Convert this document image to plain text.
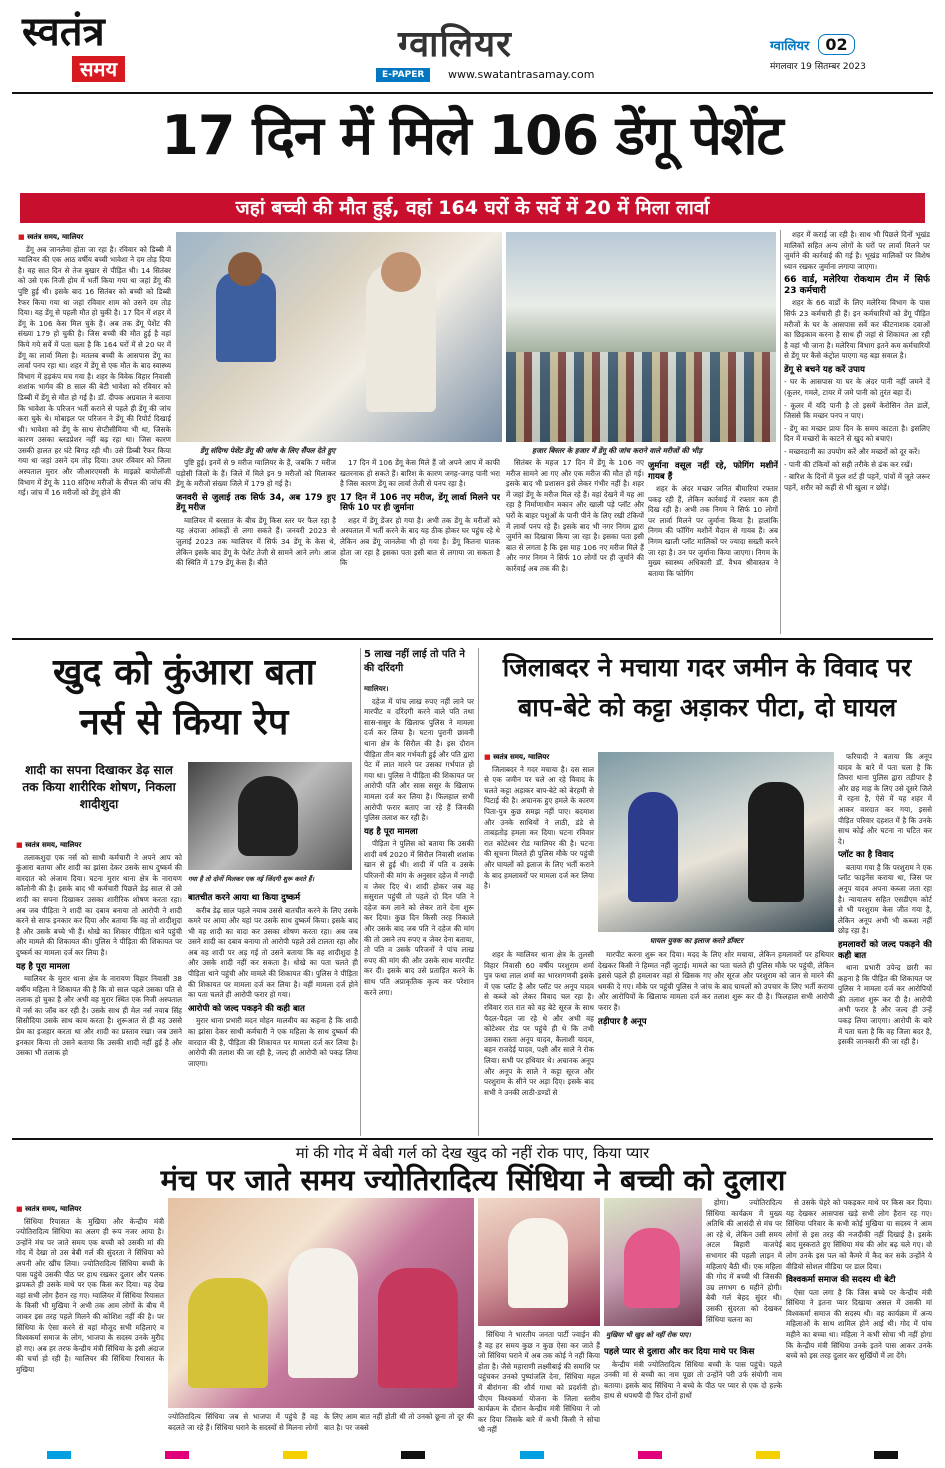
स्वतंत्र
समय
ग्वालियर
E-PAPER	www.swatantrasamay.com
ग्वालियर 02
मंगलवार 19 सितम्बर 2023
17 दिन में मिले 106 डेंगू पेशेंट
जहां बच्ची की मौत हुई, वहां 164 घरों के सर्वे में 20 में मिला लार्वा

■ स्वतंत्र समय, ग्वालियर

डेंगू अब जानलेवा होता जा रहा है। रविवार को डिब्बी में ग्वालियर की एक आठ वर्षीय बच्ची भावेशा ने दम तोड़ दिया है। वह सात दिन से तेज बुखार से पीड़ित थी। 14 सितंबर को उसे एक निजी होम में भर्ती किया गया था जहां डेंगू की पुष्टि हुई थी। इसके बाद 16 सितंबर को बच्ची को डिब्बी रैफर किया गया था जहां रविवार शाम को उसने दम तोड़ दिया। यह डेंगू से पहली मौत हो चुकी है। 17 दिन में शहर में डेंगू के 106 केस मिल चुके हैं। अब तक डेंगू पेशेंट की संख्या 179 हो चुकी है। जिस बच्ची की मौत हुई है वहां किये गये सर्वे में पता चला है कि 164 घरों में से 20 घर में डेंगू का लार्वा मिला है। मतलब बच्ची के आसपास डेंगू का लार्वा पनप रहा था। शहर में डेंगू से एक मौत के बाद स्वास्थ्य विभाग में हड़कंप मच गया है। शहर के विवेक विहार निवासी शशांक भार्गव की 8 साल की बेटी भावेशा को रविवार को डिब्बी में डेंगू से मौत हो गई है। डॉ. दीपक अग्रवाल ने बताया कि भावेशा के परिजन भर्ती कराने से पहले ही डेंगू की जांच करा चुके थे। मोबाइल पर परिजन ने डेंगू की रिपोर्ट दिखाई थी। भावेशा को डेंगू के साथ सेप्टीसीमिया भी था, जिसके कारण उसका ब्लडप्रेशर नहीं बढ़ रहा था। जिस कारण उसकी हालत हर घंटे बिगड़ रही थी। उसे डिब्बी रैफर किया गया था जहां उसने दम तोड़ दिया। उधर रविवार को जिला अस्पताल मुरार और जीआरएमसी के माइक्रो बायोलॉजी विभाग में डेंगू के 110 संदिग्ध मरीजों के सैंपल की जांच की गई। जांच में 16 मरीजों को डेंगू होने की

डेंगू संदिग्ध पेशेंट डेंगू की जांच के लिए सैंपल देते हुए	हजार बिस्तर के हजार में डेंगू की जांच कराने वाले मरीजों की भीड़

पुष्टि हुई। इनमें से 9 मरीज ग्वालियर के हैं, जबकि 7 मरीज पड़ोसी जिलों के हैं। जिले में मिले इन 9 मरीजों को मिलाकर डेंगू के मरीजों संख्या जिले में 179 हो गई है।

जनवरी से जुलाई तक सिर्फ 34, अब 179 हुए डेंगू मरीज

ग्वालियर में बरसात के बीच डेंगू किस स्तर पर फैल रहा है यह अंदाजा आंकड़ों से लगा सकते हैं। जनवरी 2023 से जुलाई 2023 तक ग्वालियर में सिर्फ 34 डेंगू के केस थे, लेकिन इसके बाद डेंगू के पेशेंट तेजी से सामने आने लगे। आज की स्थिति में 179 डेंगू केस हैं। बीते

17 दिन में 106 डेंगू केस मिले हैं जो अपने आप में काफी खतरनाक हो सकते हैं। बारिश के कारण जगह-जगह पानी भरा है जिस कारण डेंगू का लार्वा तेजी से पनप रहा है।

17 दिन में 106 नए मरीज, डेंगू लार्वा मिलने पर सिर्फ 10 पर ही जुर्माना

शहर में डेंगू डेंजर हो गया है। अभी तक डेंगू के मरीजों को अस्पताल में भर्ती करने के बाद यह ठीक होकर घर पहुंच रहे थे लेकिन अब डेंगू जानलेवा भी हो गया है। डेंगू कितना घातक होता जा रहा है इसका पता इसी बात से लगाया जा सकता है कि

सितंबर के महज 17 दिन में डेंगू के 106 नए मरीज सामने आ गए और एक मरीज की मौत हो गई। इसके बाद भी प्रशासन इसे लेकर गंभीर नहीं है। शहर में जहां डेंगू के मरीज मिल रहे हैं। वहां देखने में यह आ रहा है निर्माणाधीन मकान और खाली पड़े प्लॉट और घरों के बाहर पशुओं के पानी पीने के लिए रखी टंकियों में लार्वा पनप रहे हैं। इसके बाद भी नगर निगम द्वारा जुर्माने का दिखावा किया जा रहा है। इसका पता इसी बात से लगता है कि इस माह 106 नए मरीज मिले हैं और नगर निगम ने सिर्फ 10 लोगों पर ही जुर्माने की कार्रवाई अब तक की है।

जुर्माना वसूल नहीं रहे, फोगिंग मशीनें गायब हैं

शहर के अंदर मच्छर जनित बीमारियां रफ्तार पकड़ रही हैं, लेकिन कार्रवाई में रफ्तार कम ही दिख रही है। अभी तक निगम ने सिर्फ 10 लोगों पर लार्वा मिलने पर जुर्माना किया है। हालांकि निगम की फॉगिंग मशीनें मैदान से गायब हैं। अब निगम खाली प्लॉट मालिकों पर ज्यादा सख्ती करने जा रहा है। उन पर जुर्माना किया जाएगा। निगम के मुख्य स्वास्थ्य अधिकारी डॉ. वैभव श्रीवास्तव ने बताया कि फोगिंग

शहर में कराई जा रही है। साथ भी पिछले दिनों भूखंड मालिकों सहित अन्य लोगों के घरों पर लार्वा मिलने पर जुर्माने की कार्रवाई की गई है। भूखंड मालिकों पर विशेष ध्यान रखकर जुर्माना लगाया जाएगा।

66 वार्ड, मलेरिया रोकथाम टीम में सिर्फ 23 कर्मचारी

शहर के 66 वार्डों के लिए मलेरिया विभाग के पास सिर्फ 23 कर्मचारी ही हैं। इन कर्मचारियों को डेंगू पीड़ित मरीजों के घर के आसपास सर्वे कर कीटनाशक दवाओं का छिड़काव करना है साथ ही जहां से शिकायत आ रही है वहां भी जाना है। मलेरिया विभाग इतने कम कर्मचारियों से डेंगू पर कैसे कंट्रोल पाएगा यह बड़ा सवाल है।

डेंगू से बचने यह करें उपाय

- घर के आसपास या घर के अंदर पानी नहीं जमने दें (कूलर, गमले, टायर में जमे पानी को तुरंत बहा दें।
- कूलर में यदि पानी है तो इसमें केरोसिन तेल डालें, जिससे कि मच्छर पनप न पाए।
- डेंगू का मच्छर प्रायः दिन के समय काटता है। इसलिए दिन में मच्छरों के काटने से खुद को बचाएं।
- मच्छरदानी का उपयोग करें और मच्छरों को दूर करें।
- पानी की टंकियों को सही तरीके से ढंक कर रखें।
- बारिश के दिनों में फुल शर्ट ही पहनें, पांवों में जूते जरूर पहनें, शरीर को कहीं से भी खुला न छोड़ें।
खुद को कुंआरा बता
नर्स से किया रेप
शादी का सपना दिखाकर डेढ़ साल तक किया शारीरिक शोषण, निकला शादीशुदा
गया है तो दोनों मिलकर एक नई जिंदगी शुरू करते हैं।

■ स्वतंत्र समय, ग्वालियर

तलाकशुदा एक नर्स को साथी कर्मचारी ने अपने आप को कुंआरा बताया और शादी का झांसा देकर उसके साथ दुष्कर्म की वारदात को अंजाम दिया। घटना मुरार थाना क्षेत्र के नारायण कॉलोनी की है। इसके बाद भी कर्मचारी पिछले डेढ़ साल से उसे शादी का सपना दिखाकर उसका शारीरिक शोषण करता रहा। अब जब पीड़िता ने शादी का दबाव बनाया तो आरोपी ने शादी करने से साफ इनकार कर दिया और बताया कि वह तो शादीशुदा है और उसके बच्चे भी हैं। धोखे का शिकार पीड़िता थाने पहुंची और मामले की शिकायत की। पुलिस ने पीड़िता की शिकायत पर दुष्कर्म का मामला दर्ज कर लिया है।

यह है पूरा मामला

ग्वालियर के मुरार थाना क्षेत्र के नारायण विहार निवासी 38 वर्षीय महिला ने शिकायत की है कि वो साल पहले उसका पति से तलाक हो चुका है और अभी वह मुरार स्थित एक निजी अस्पताल में नर्स का जॉब कर रही है। उसके साथ ही मेल नर्स नयाब सिंह सिसौदिया उसके साथ काम करता है। शुरूआत से ही वह उससे प्रेम का इजहार करता था और शादी का प्रस्ताव रखा। जब उसने इनकार किया तो उसने बताया कि उसकी शादी नहीं हुई है और उसका भी तलाक हो

बातचीत करने आया था किया दुष्कर्म

करीब डेढ़ साल पहले नयाब उससे बातचीत करने के लिए उसके कमरे पर आया और यहां पर उसके साथ दुष्कर्म किया। इसके बाद भी वह शादी का वादा कर उसका शोषण करता रहा। अब जब उसने शादी का दबाव बनाया तो आरोपी पहले उसे टालता रहा और अब वह शादी पर अड़ गई तो उसने बताया कि वह शादीशुदा है और उसके शादी नहीं कर सकता है। धोखे का पता चलते ही पीड़िता थाने पहुंची और मामले की शिकायत की। पुलिस ने पीड़िता की शिकायत पर मामला दर्ज कर लिया है। वहीं मामला दर्ज होने का पता चलते ही आरोपी फरार हो गया।

आरोपी को जल्द पकड़ने की कही बात

मुरार थाना प्रभारी मदन मोहन मालवीय का कहना है कि शादी का झांसा देकर साथी कर्मचारी ने एक महिला के साथ दुष्कर्म की वारदात की है, पीड़िता की शिकायत पर मामला दर्ज कर लिया है। आरोपी की तलाश की जा रही है, जल्द ही आरोपी को पकड़ लिया जाएगा।

5 लाख नहीं लाई तो पति ने की दरिंदगी

ग्वालियर।

दहेज में पांच लाख रुपए नहीं लाने पर मारपीट व दरिंदगी करने वाले पति तथा सास-ससुर के खिलाफ पुलिस ने मामला दर्ज कर लिया है। घटना पुरानी छावनी थाना क्षेत्र के सिरौल की है। इस दौरान पीड़िता तीन बार गर्भवती हुई और पति द्वारा पेट में लात मारने पर उसका गर्भपात हो गया था। पुलिस ने पीड़िता की शिकायत पर आरोपी पति और सास ससुर के खिलाफ मामला दर्ज कर लिया है। फिलहाल सभी आरोपी फरार बताए जा रहे हैं जिनकी पुलिस तलाश कर रही है।

यह है पूरा मामला

पीड़िता ने पुलिस को बताया कि उसकी शादी वर्ष 2020 में सिरौल निवासी शशांक खान से हुई थी। शादी में पति व उसके परिजनों की मांग के अनुसार दहेज में नगदी व जेवर दिए थे। शादी होकर जब वह ससुराल पहुंची तो पहले दो दिन पति ने दहेज कम लाने को लेकर ताने देना शुरू कर दिया। कुछ दिन किसी तरह निकाले और उसके बाद जब पति ने दहेज की मांग की तो उसने तय रुपए व जेवर देना बताया, तो पति व उसके परिजनों ने पांच लाख रुपए की मांग की और उसके साथ मारपीट कर दी। इसके बाद उसे प्रताड़ित करने के साथ पति अप्राकृतिक कृत्य कर परेशान करने लगा।

जिलाबदर ने मचाया गदर जमीन के विवाद पर
बाप-बेटे को कट्टा अड़ाकर पीटा, दो घायल

■ स्वतंत्र समय, ग्वालियर

जिलाबदर ने गदर मचाया है। दस साल से एक जमीन पर चले आ रहे विवाद के चलते कट्टा अड़ाकर बाप-बेटे को बेरहमी से पिटाई की है। अचानक हुए हमले के कारण पिता-पुत्र कुछ समझ नहीं पाए। बदमाश और उनके साथियों ने लाठी, डंडे से ताबड़तोड़ हमला कर दिया। घटना रविवार रात कोटेश्वर रोड ग्वालियर की है। घटना की सूचना मिलते ही पुलिस मौके पर पहुंची और घायलों को इलाज के लिए भर्ती कराने के बाद हमलावरों पर मामला दर्ज कर लिया है।

घायल युवक का इलाज करते डॉक्टर

फरियादी ने बताया कि अनूप यादव के बारे में पता चला है कि तिघरा थाना पुलिस द्वारा तड़ीपार है और छह माह के लिए उसे दूसरे जिले में रहना है, ऐसे में यह शहर में आकर वारदात कर गया, इससे पीड़ित परिवार दहशत में है कि उनके साथ कोई और घटना ना घटित कर दे।

प्लॉट का है विवाद

बताया गया है कि परशुराम ने एक प्लॉट फाइनेंस कराया था, जिस पर अनूप यादव अपना कब्जा जता रहा है। न्यायालय सहित एसडीएम कोर्ट से भी परशुराम केस जीत गया है, लेकिन अनूप अभी भी कब्जा नहीं छोड़ रहा है।

हमलावरों को जल्द पकड़ने की कही बात

थाना प्रभारी उपेन्द्र छारी का कहना है कि पीड़ित की शिकायत पर पुलिस ने मामला दर्ज कर आरोपियों की तलाश शुरू कर दी है। आरोपी अभी फरार है और जल्द ही उन्हें पकड़ लिया जाएगा। आरोपी के बारे में पता चला है कि वह जिला बदर है, इसकी जानकारी की जा रही है।

शहर के ग्वालियर थाना क्षेत्र के तुलसी विहार निवासी 60 वर्षीय परशुराम शर्मा पुत्र फथा लाल शर्मा का भारशगणवी इसके में एक प्लॉट है और प्लॉट पर अनूप यादव से कब्जे को लेकर विवाद चल रहा है। रविवार रात रात को वह बेटे सूरज के साथ पैदल-पैदल जा रहे थे और अभी वह कोटेश्वर रोड पर पहुंचे ही थे कि तभी उसका रास्ता अनूप यादव, कैलाशी यादव, बहन राजदेई यादव, पक्षी और साले ने रोक लिया। सभी पर हथियार थे। अचानक अनूप और अनूप के साले ने कट्टा सूरज और परशुराम के सीने पर अड़ा दिए। इसके बाद सभी ने उनकी लाठी-डण्डों से

मारपीट करना शुरू कर दिया। मदद के लिए शोर मचाया, लेकिन हमलावरों पर हथियार देखकर किसी ने हिम्मत नहीं जुटाई। मामले का पता चलते ही पुलिस मौके पर पहुंची, लेकिन इससे पहले ही हमलावर वहां से खिसक गए और सूरज और परशुराम को जान से मारने की धमकी दे गए। मौके पर पहुंची पुलिस ने जांच के बाद घायलों को उपचार के लिए भर्ती कराया और आरोपियों के खिलाफ मामला दर्ज कर तलाश शुरू कर दी है। फिलहाल सभी आरोपी फरार हैं।

तड़ीपार है अनूप

मां की गोद में बेबी गर्ल को देख खुद को नहीं रोक पाए, किया प्यार
मंच पर जाते समय ज्योतिरादित्य सिंधिया ने बच्ची को दुलारा

■ स्वतंत्र समय, ग्वालियर

सिंधिया रियासत के मुखिया और केन्द्रीय मंत्री ज्योतिरादित्य सिंधिया का अलग ही रूप नजर आया है। उन्होंने मंच पर जाते समय एक बच्ची को उसकी मां की गोद में देखा तो उस बेबी गर्ल की सुंदरता ने सिंधिया को अपनी ओर खींच लिया। ज्योतिरादित्य सिंधिया बच्ची के पास पहुंचे उसकी पीठ पर हाथ रखकर दुलार और पलक झपकते ही उसके माथे पर एक किस कर दिया। यह देख वहां सभी लोग हैरान रह गए। ग्वालियर में सिंधिया रियासत के किसी भी मुखिया ने अभी तक आम लोगों के बीच में जाकर इस तरह पहले मिलने की कोशिश नहीं की है। पर सिंधिया के ऐसा करने से वहां मौजूद सभी महिलाएं व विश्वकर्मा समाज के लोग, भाजपा के सदस्य उनके मुरीद हो गए। अब हर तरफ केन्द्रीय मंत्री सिंधिया के इसी अंदाज की चर्चा हो रही है। ग्वालियर की सिंधिया रियासत के मुखिया

ज्योतिरादित्य सिंधिया जब से भाजपा में पहुंचे हैं वह बदलते जा रहे हैं। सिंधिया घराने के सदस्यों से मिलना लोगों के लिए आम बात नहीं होती थी तो उनको छूना तो दूर की बात है। पर जबसे

सिंधिया ने भारतीय जनता पार्टी ज्वाईन की है वह हर समय कुछ न कुछ ऐसा कर जाते हैं जो सिंधिया घराने में अब तक कोई ने नहीं किया होता है। जैसे महाराणी लक्ष्मीबाई की समाधि पर पहुंचकर उनको पुष्पांजलि देना, सिंधिया महल में बीरांगना की शौर्य गाथा को प्रदर्शनी हो। पीएम विश्वकर्मा योजना के जिला स्तरीय कार्यक्रम के दौरान केन्द्रीय मंत्री सिंधिया ने जो कर दिया जिसके बारे में कभी किसी ने सोचा भी नहीं

होगा। ज्योतिरादित्य सिंधिया कार्यक्रम में मुख्य अतिथि की आसंदी से मंच पर आ रहे थे, लेकिन उसी समय अटल बिहारी वाजपेई सभागार की पहली लाइन में महिलाएं बैठी थीं। एक महिला की गोद में बच्ची थी जिसकी उम्र लगभग 6 महीने होगी। बेबी गर्ल बेहद सुंदर थी। उसकी सुंदरता को देखकर सिंधिया चलना का

मुखिया भी खुद को नहीं रोक पाए।

पहले प्यार से दुलारा और कर दिया माथे पर किस

केन्द्रीय मंत्री ज्योतिरादित्य सिंधिया बच्ची के पास पहुंचे। पहले उनकी मां से बच्ची का नाम पूछा तो उन्होंने परी उर्फ संयोगी नाम बताया। इसके बाद सिंधिया ने बच्चे के पीठ पर प्यार से एक दो हल्के हाथ से थपथपी दी फिर दोनों हाथों

से उसके चेहरे को पकड़कर माथे पर किस कर दिया। यह देखकर आसपास खड़े सभी लोग हैरान रह गए। सिंधिया परिवार के कभी कोई मुखिया या सदस्य ने आम लोगों से इस तरह की नजदीकी नहीं दिखाई है। इसके बाद मुस्कराते हुए सिंधिया मंच की ओर बढ़ चले गए। वो लोग उनके इस पल को कैमरे में कैद कर सके उन्होंने ये वीडियो सोशल मीडिया पर डाल दिया।

विश्वकर्मा समाज की सदस्य थी बेटी

ऐसा पता लगा है कि जिस बच्चे पर केन्द्रीय मंत्री सिंधिया ने इतना प्यार दिखाया असल में उसकी मां विश्वकर्मा समाज की सदस्य थी। वह कार्यक्रम में अन्य महिलाओं के साथ शामिल होने आई थी। गोद में पांच महीने का बच्चा था। महिला ने कभी सोचा भी नहीं होगा कि केन्द्रीय मंत्री सिंधिया उनके इतने पास आकर उनके बच्चे को इस तरह दुलार कर सुर्खियों में ला देंगे।
